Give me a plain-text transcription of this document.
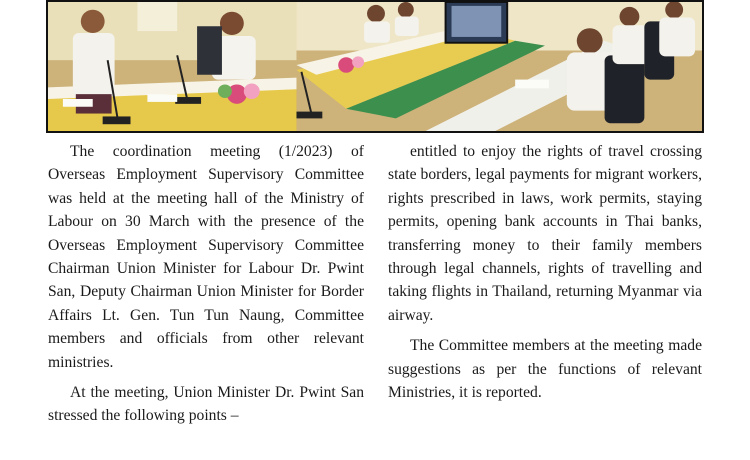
The coordination meeting (1/2023) of Overseas Employment Supervisory Committee was held at the meeting hall of the Ministry of Labour on 30 March with the presence of the Overseas Employment Supervisory Committee Chairman Union Minister for Labour Dr. Pwint San, Deputy Chairman Union Minister for Border Affairs Lt. Gen. Tun Tun Naung, Committee members and officials from other relevant ministries.

At the meeting, Union Minister Dr. Pwint San stressed the following points –

entitled to enjoy the rights of travel crossing state borders, legal payments for migrant workers, rights prescribed in laws, work permits, staying permits, opening bank accounts in Thai banks, transferring money to their family members through legal channels, rights of travelling and taking flights in Thailand, returning Myanmar via airway.

The Committee members at the meeting made suggestions as per the functions of relevant Ministries, it is reported.
